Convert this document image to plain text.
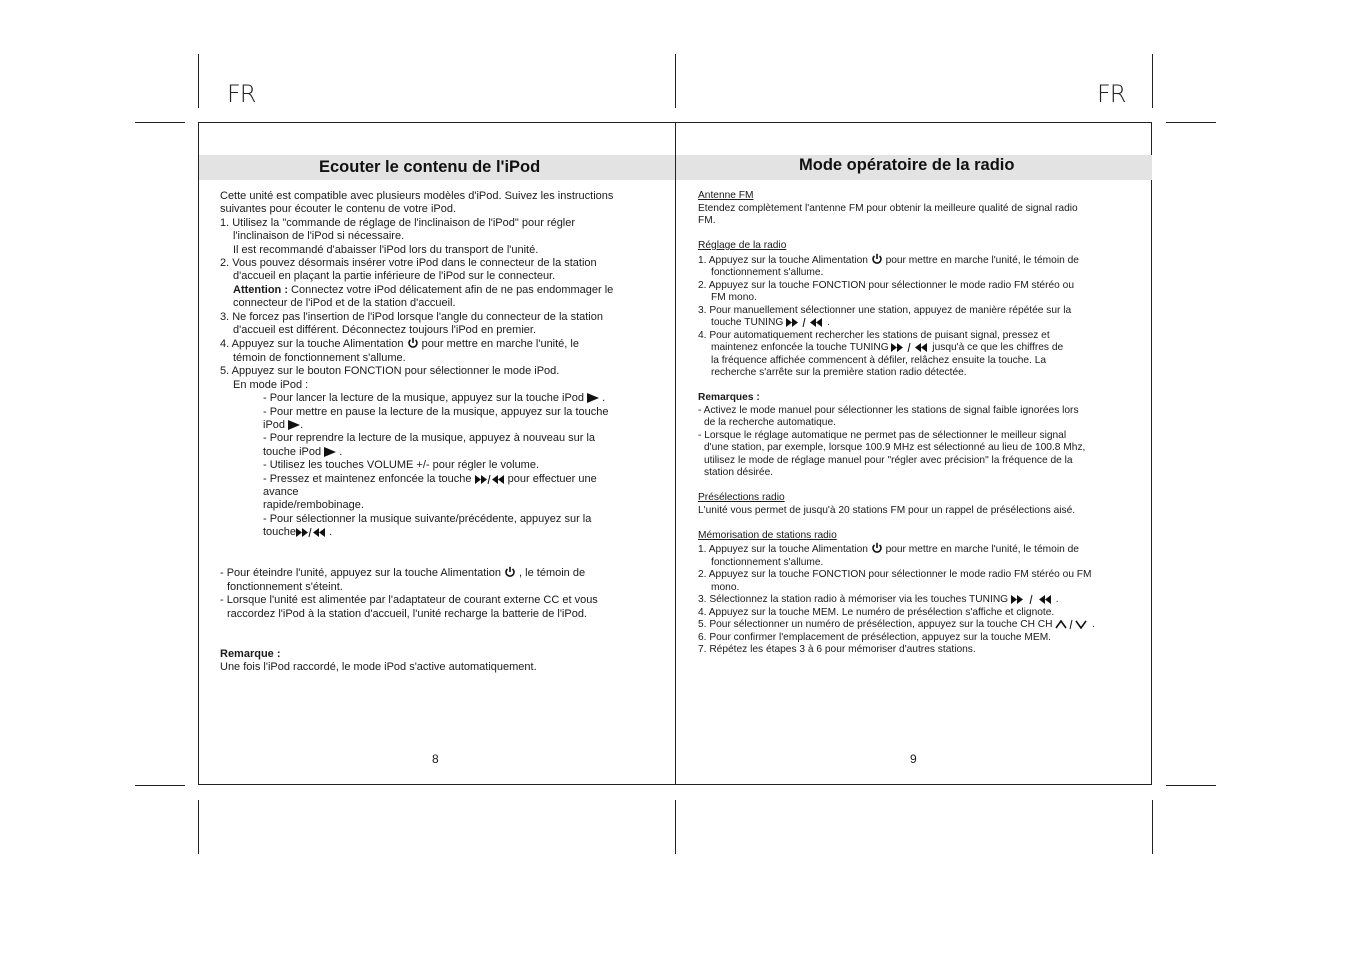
FR	FR
Ecouter le contenu de l'iPod	Mode opératoire de la radio

Cette unité est compatible avec plusieurs modèles d'iPod. Suivez les instructions

suivantes pour écouter le contenu de votre iPod.

1. Utilisez la "commande de réglage de l'inclinaison de l'iPod" pour régler

l'inclinaison de l'iPod si nécessaire.

Il est recommandé d'abaisser l'iPod lors du transport de l'unité.

2. Vous pouvez désormais insérer votre iPod dans le connecteur de la station

d'accueil en plaçant la partie inférieure de l'iPod sur le connecteur.

Attention : Connectez votre iPod délicatement afin de ne pas endommager le

connecteur de l'iPod et de la station d'accueil.

3. Ne forcez pas l'insertion de l'iPod lorsque l'angle du connecteur de la station

d'accueil est différent. Déconnectez toujours l'iPod en premier.

4. Appuyez sur la touche Alimentation  pour mettre en marche l'unité, le

témoin de fonctionnement s'allume.

5. Appuyez sur le bouton FONCTION pour sélectionner le mode iPod.

En mode iPod :

- Pour lancer la lecture de la musique, appuyez sur la touche iPod  .

- Pour mettre en pause la lecture de la musique, appuyez sur la touche

iPod .

- Pour reprendre la lecture de la musique, appuyez à nouveau sur la

touche iPod  .

- Utilisez les touches VOLUME +/- pour régler le volume.

- Pressez et maintenez enfoncée la touche	pour effectuer une

avance

rapide/rembobinage.

- Pour sélectionner la musique suivante/précédente, appuyez sur la

touche	.

- Pour éteindre l'unité, appuyez sur la touche Alimentation  , le témoin de

fonctionnement s'éteint.

- Lorsque l'unité est alimentée par l'adaptateur de courant externe CC et vous

raccordez l'iPod à la station d'accueil, l'unité recharge la batterie de l'iPod.

Remarque :

Une fois l'iPod raccordé, le mode iPod s'active automatiquement.

8

Antenne FM

Etendez complètement l'antenne FM pour obtenir la meilleure qualité de signal radio

FM.

Réglage de la radio

1. Appuyez sur la touche Alimentation  pour mettre en marche l'unité, le témoin de

fonctionnement s'allume.

2. Appuyez sur la touche FONCTION pour sélectionner le mode radio FM stéréo ou

FM mono.

3. Pour manuellement sélectionner une station, appuyez de manière répétée sur la

touche TUNING	.

4. Pour automatiquement rechercher les stations de puisant signal, pressez et

maintenez enfoncée la touche TUNING	jusqu'à ce que les chiffres de

la fréquence affichée commencent à défiler, relâchez ensuite la touche. La

recherche s'arrête sur la première station radio détectée.

Remarques :

- Activez le mode manuel pour sélectionner les stations de signal faible ignorées lors

de la recherche automatique.

- Lorsque le réglage automatique ne permet pas de sélectionner le meilleur signal

d'une station, par exemple, lorsque 100.9 MHz est sélectionné au lieu de 100.8 Mhz,

utilisez le mode de réglage manuel pour "régler avec précision" la fréquence de la

station désirée.

Présélections radio

L'unité vous permet de jusqu'à 20 stations FM pour un rappel de présélections aisé.

Mémorisation de stations radio

1. Appuyez sur la touche Alimentation  pour mettre en marche l'unité, le témoin de

fonctionnement s'allume.

2. Appuyez sur la touche FONCTION pour sélectionner le mode radio FM stéréo ou FM

mono.

3. Sélectionnez la station radio à mémoriser via les touches TUNING	.

4. Appuyez sur la touche MEM. Le numéro de présélection s'affiche et clignote.

5. Pour sélectionner un numéro de présélection, appuyez sur la touche CH CH	.

6. Pour confirmer l'emplacement de présélection, appuyez sur la touche MEM.

7. Répétez les étapes 3 à 6 pour mémoriser d'autres stations.

9
